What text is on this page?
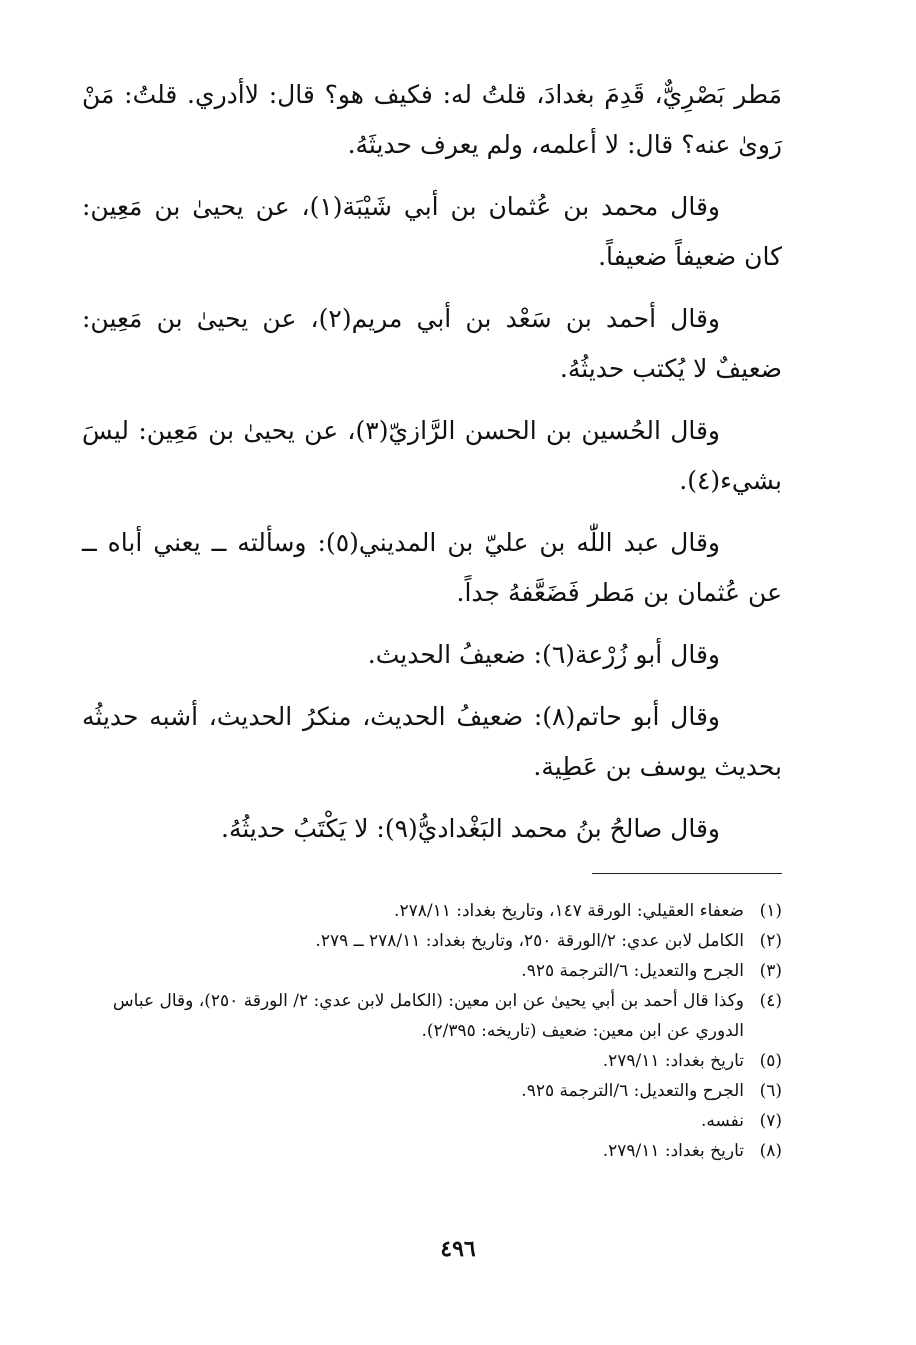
مَطر بَصْرِيٌّ، قَدِمَ بغدادَ، قلتُ له: فكيف هو؟ قال: لاأدري. قلتُ: مَنْ رَوىٰ عنه؟ قال: لا أعلمه، ولم يعرف حديثَهُ.

وقال محمد بن عُثمان بن أبي شَيْبَة(١)، عن يحيىٰ بن مَعِين: كان ضعيفاً ضعيفاً.

وقال أحمد بن سَعْد بن أبي مريم(٢)، عن يحيىٰ بن مَعِين: ضعيفٌ لا يُكتب حديثُهُ.

وقال الحُسين بن الحسن الرَّازيّ(٣)، عن يحيىٰ بن مَعِين: ليسَ بشيء(٤).

وقال عبد اللّٰه بن عليّ بن المديني(٥): وسألته ــ يعني أباه ــ عن عُثمان بن مَطر فَضَعَّفهُ جداً.

وقال أبو زُرْعة(٦): ضعيفُ الحديث.

وقال أبو حاتم(٨): ضعيفُ الحديث، منكرُ الحديث، أشبه حديثُه بحديث يوسف بن عَطِية.

وقال صالحُ بنُ محمد البَغْداديُّ(٩): لا يَكْتَبُ حديثُهُ.

(١)ضعفاء العقيلي: الورقة ١٤٧، وتاريخ بغداد: ٢٧٨/١١.

(٢)الكامل لابن عدي: ٢/الورقة ٢٥٠، وتاريخ بغداد: ٢٧٨/١١ ــ ٢٧٩.

(٣)الجرح والتعديل: ٦/الترجمة ٩٢٥.

(٤)وكذا قال أحمد بن أبي يحيىٰ عن ابن معين: (الكامل لابن عدي: ٢/ الورقة ٢٥٠)، وقال عباس الدوري عن ابن معين: ضعيف (تاريخه: ٢/٣٩٥).

(٥)تاريخ بغداد: ٢٧٩/١١.

(٦)الجرح والتعديل: ٦/الترجمة ٩٢٥.

(٧)نفسه.

(٨)تاريخ بغداد: ٢٧٩/١١.

٤٩٦
